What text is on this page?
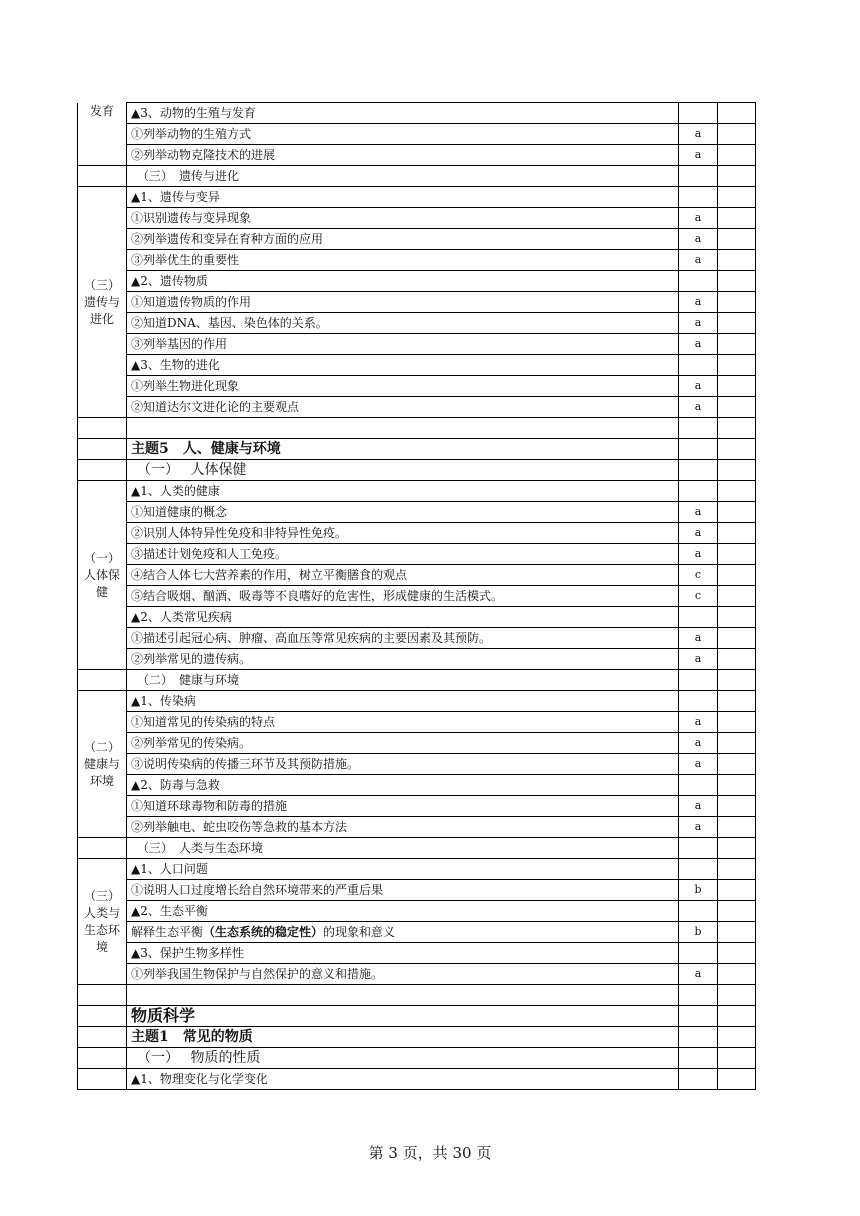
发育	▲3、动物的生殖与发育		
	①列举动物的生殖方式	a	
	②列举动物克隆技术的进展	a	
	（三）　遗传与进化		
（三）遗传与进化	▲1、遗传与变异		
	①识别遗传与变异现象	a	
	②列举遗传和变异在育种方面的应用	a	
	③列举优生的重要性	a	
	▲2、遗传物质		
	①知道遗传物质的作用	a	
	②知道DNA、基因、染色体的关系。	a	
	③列举基因的作用	a	
	▲3、生物的进化		
	①列举生物进化现象	a	
	②知道达尔文进化论的主要观点	a	

	主题5　人、健康与环境		
	（一）　 人体保健		
（一）人体保健	▲1、人类的健康		
	①知道健康的概念	a	
	②识别人体特异性免疫和非特异性免疫。	a	
	③描述计划免疫和人工免疫。	a	
	④结合人体七大营养素的作用，树立平衡膳食的观点	c	
	⑤结合吸烟、酗酒、吸毒等不良嗜好的危害性，形成健康的生活模式。	c	
	▲2、人类常见疾病		
	①描述引起冠心病、肿瘤、高血压等常见疾病的主要因素及其预防。	a	
	②列举常见的遗传病。	a	
	（二）　健康与环境		
（二）健康与环境	▲1、传染病		
	①知道常见的传染病的特点	a	
	②列举常见的传染病。	a	
	③说明传染病的传播三环节及其预防措施。	a	
	▲2、防毒与急救		
	①知道环球毒物和防毒的措施	a	
	②列举触电、蛇虫咬伤等急救的基本方法	a	
	（三）　人类与生态环境		
（三）人类与生态环境	▲1、人口问题		
	①说明人口过度增长给自然环境带来的严重后果	b	
	▲2、生态平衡		
	解释生态平衡（生态系统的稳定性）的现象和意义	b	
	▲3、保护生物多样性		
	①列举我国生物保护与自然保护的意义和措施。	a	

	物质科学		
	主题1　常见的物质		
	（一）　 物质的性质		
	▲1、物理变化与化学变化		
第 3 页，共 30 页
